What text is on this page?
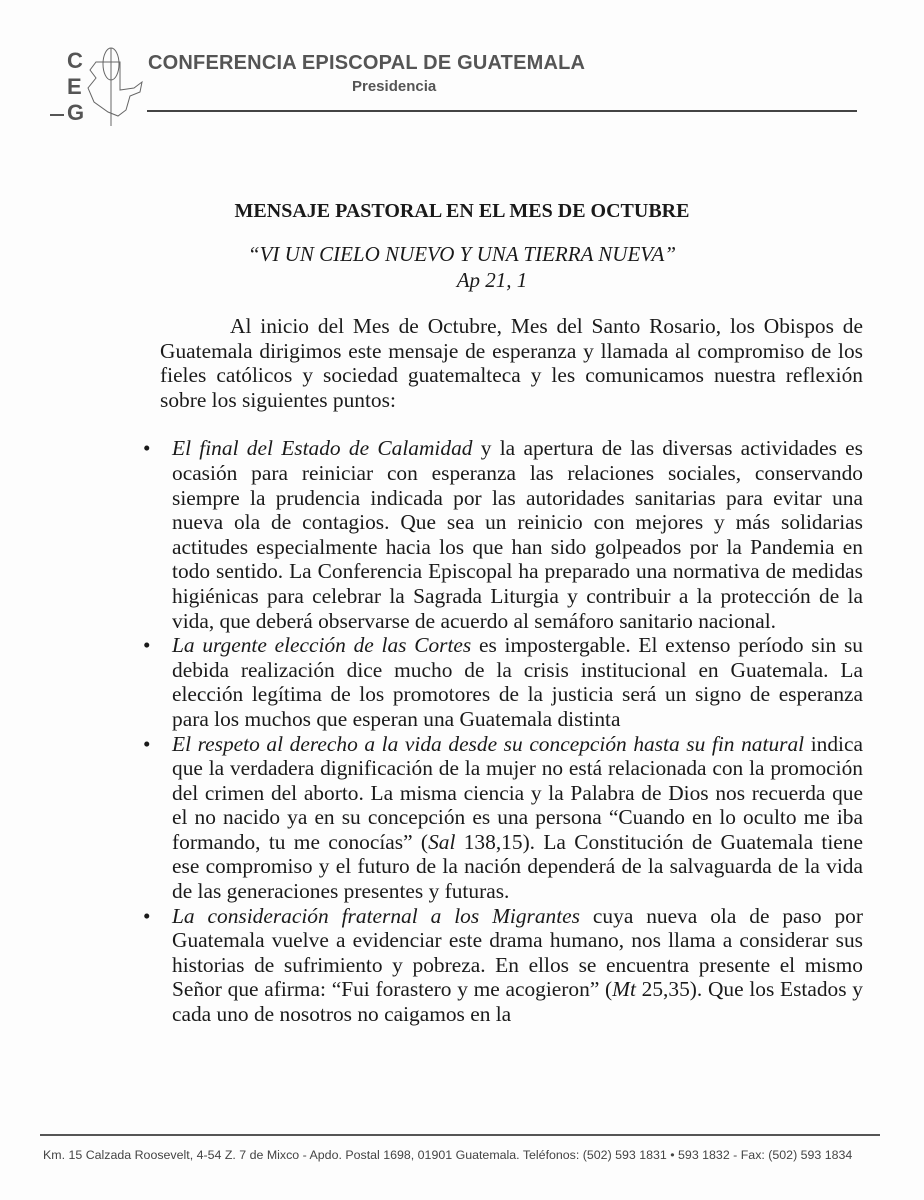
C
E
G
CONFERENCIA EPISCOPAL DE GUATEMALA
Presidencia
MENSAJE PASTORAL EN EL MES DE OCTUBRE
“VI UN CIELO NUEVO Y UNA TIERRA NUEVA”
Ap 21, 1

Al inicio del Mes de Octubre, Mes del Santo Rosario, los Obispos de Guatemala dirigimos este mensaje de esperanza y llamada al compromiso de los fieles católicos y sociedad guatemalteca y les comunicamos nuestra reflexión sobre los siguientes puntos:

• El final del Estado de Calamidad y la apertura de las diversas actividades es ocasión para reiniciar con esperanza las relaciones sociales, conservando siempre la prudencia indicada por las autoridades sanitarias para evitar una nueva ola de contagios. Que sea un reinicio con mejores y más solidarias actitudes especialmente hacia los que han sido golpeados por la Pandemia en todo sentido. La Conferencia Episcopal ha preparado una normativa de medidas higiénicas para celebrar la Sagrada Liturgia y contribuir a la protección de la vida, que deberá observarse de acuerdo al semáforo sanitario nacional.
• La urgente elección de las Cortes es impostergable. El extenso período sin su debida realización dice mucho de la crisis institucional en Guatemala. La elección legítima de los promotores de la justicia será un signo de esperanza para los muchos que esperan una Guatemala distinta
• El respeto al derecho a la vida desde su concepción hasta su fin natural indica que la verdadera dignificación de la mujer no está relacionada con la promoción del crimen del aborto. La misma ciencia y la Palabra de Dios nos recuerda que el no nacido ya en su concepción es una persona “Cuando en lo oculto me iba formando, tu me conocías” (Sal 138,15). La Constitución de Guatemala tiene ese compromiso y el futuro de la nación dependerá de la salvaguarda de la vida de las generaciones presentes y futuras.
• La consideración fraternal a los Migrantes cuya nueva ola de paso por Guatemala vuelve a evidenciar este drama humano, nos llama a considerar sus historias de sufrimiento y pobreza. En ellos se encuentra presente el mismo Señor que afirma: “Fui forastero y me acogieron” (Mt 25,35). Que los Estados y cada uno de nosotros no caigamos en la
Km. 15 Calzada Roosevelt, 4-54 Z. 7 de Mixco - Apdo. Postal 1698, 01901 Guatemala. Teléfonos: (502) 593 1831 • 593 1832 - Fax: (502) 593 1834
